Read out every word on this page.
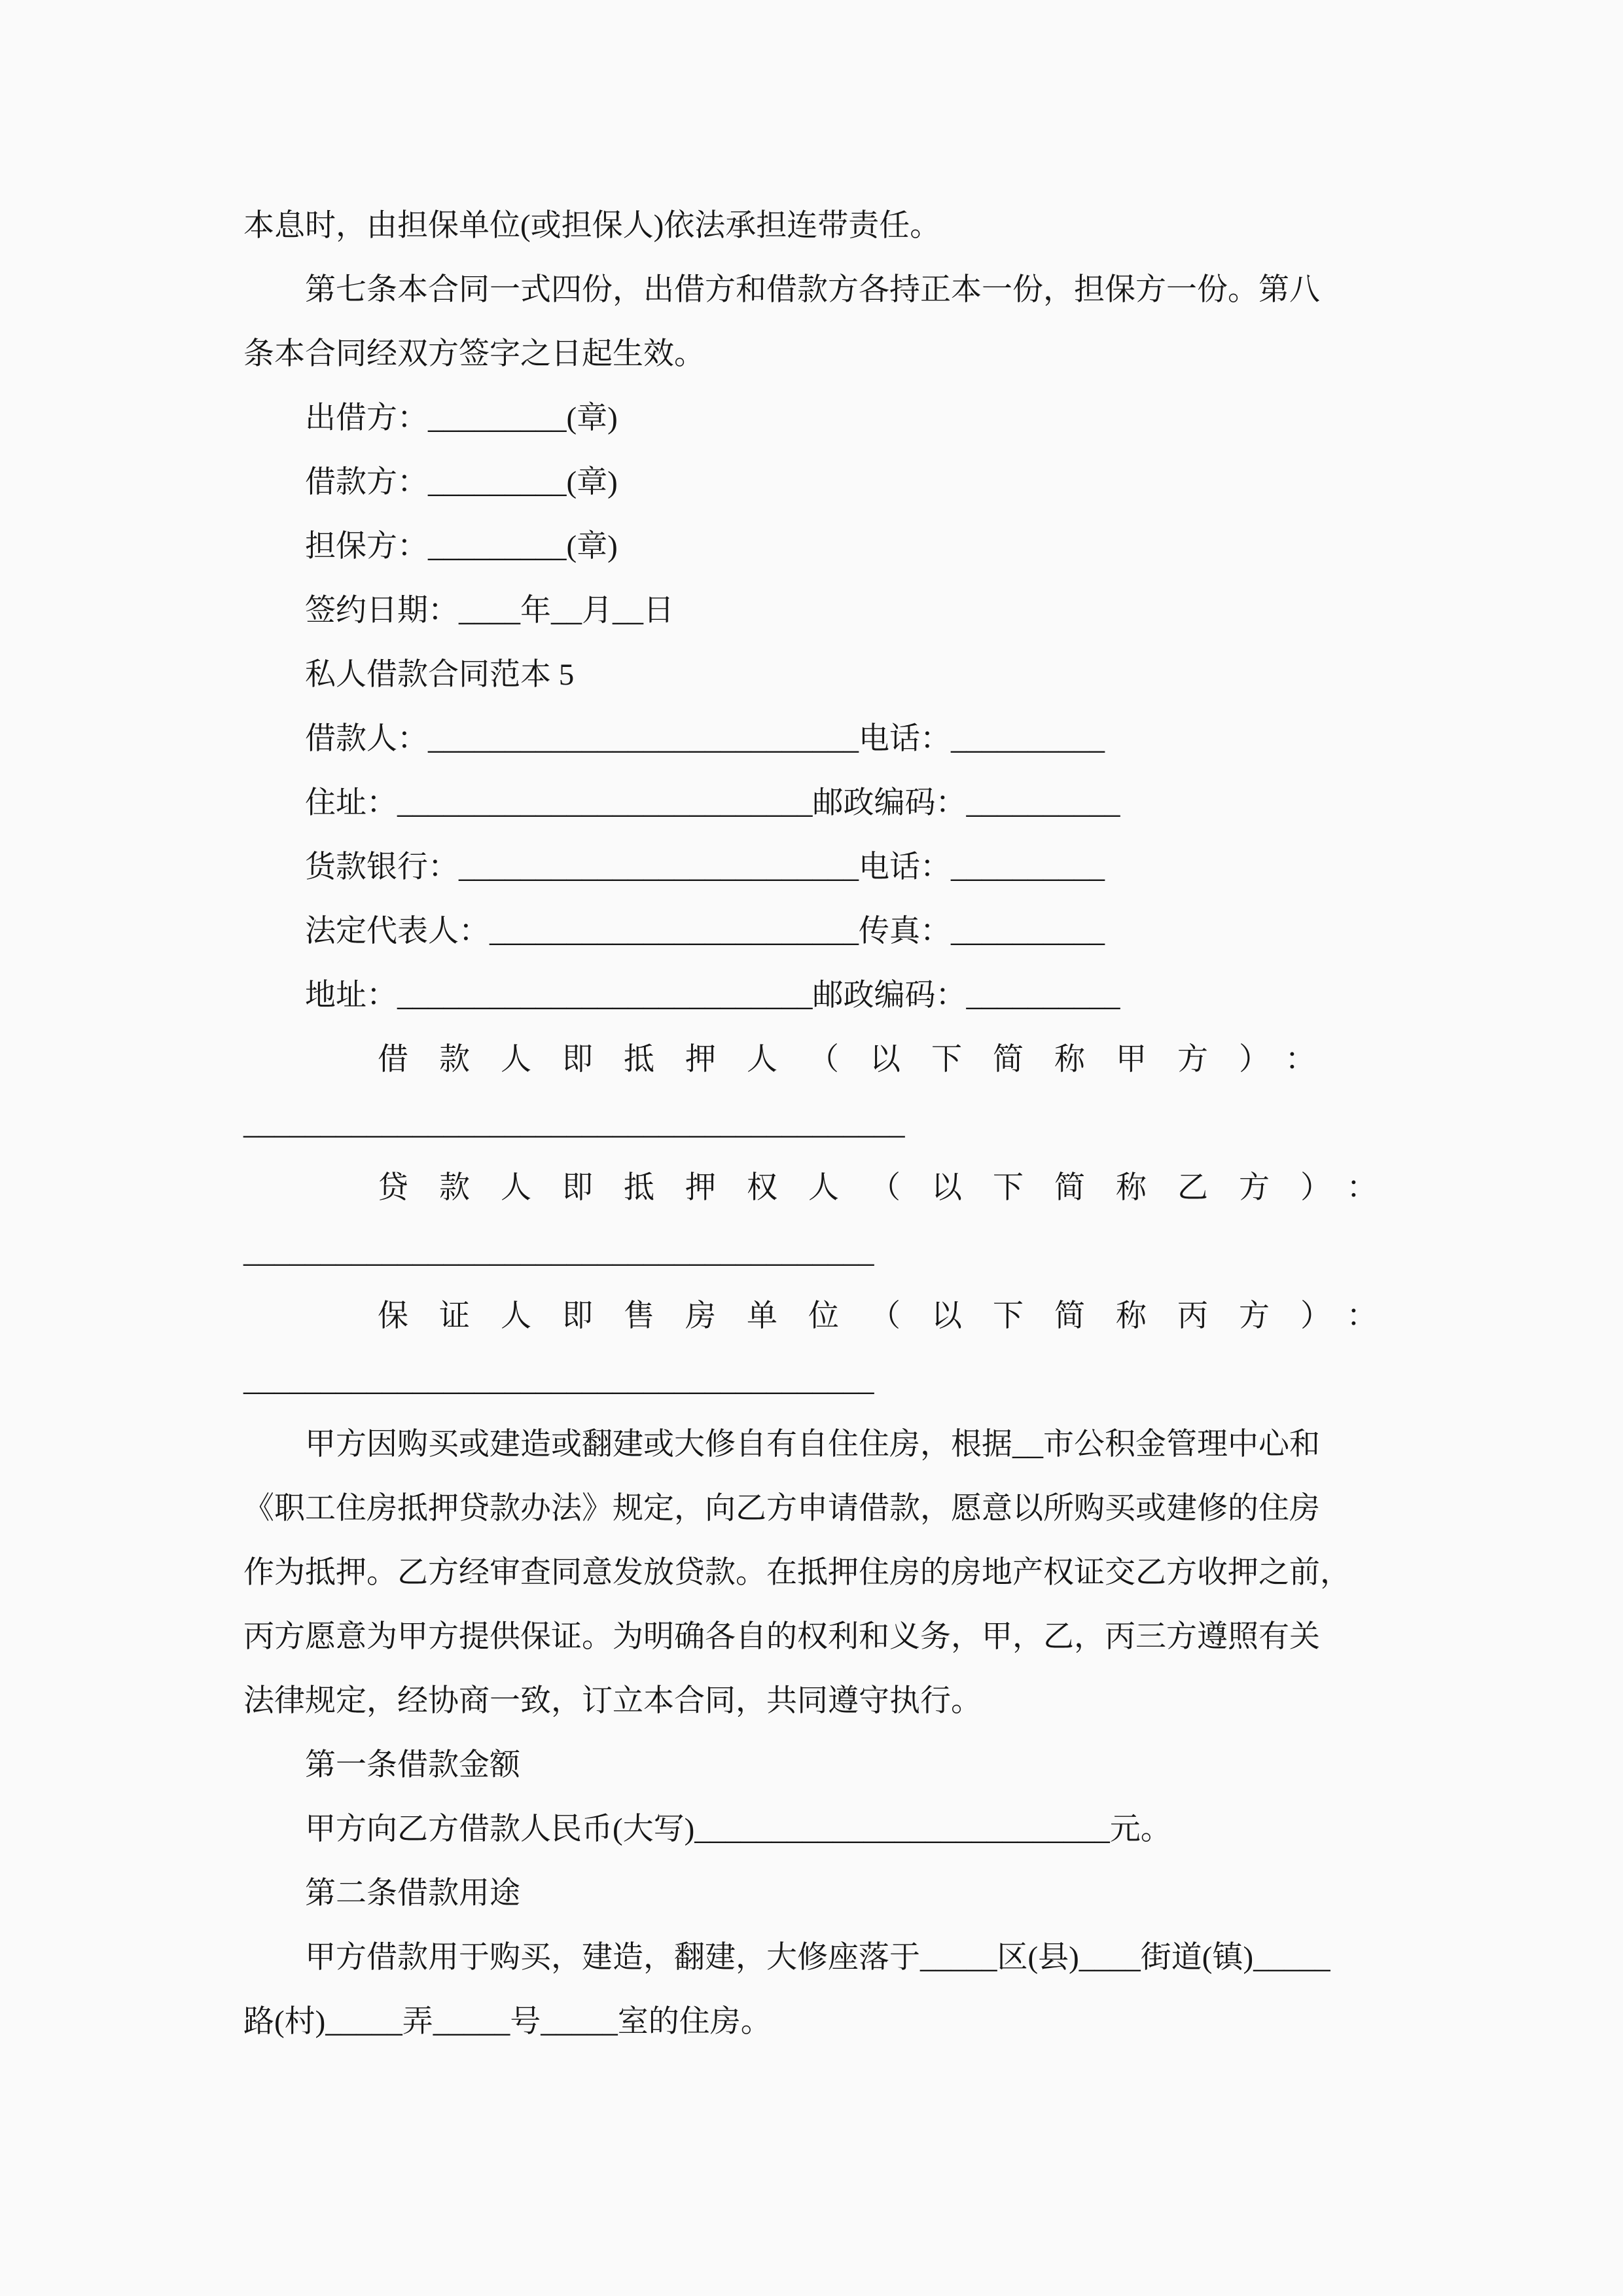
本息时，由担保单位(或担保人)依法承担连带责任。
第七条本合同一式四份，出借方和借款方各持正本一份，担保方一份。第八
条本合同经双方签字之日起生效。
出借方：_________(章)
借款方：_________(章)
担保方：_________(章)
签约日期：____年__月__日
私人借款合同范本 5
借款人：____________________________电话：__________
住址：___________________________邮政编码：__________
货款银行：__________________________电话：__________
法定代表人：________________________传真：__________
地址：___________________________邮政编码：__________
借款人即抵押人（以下简称甲方）：
___________________________________________
贷款人即抵押权人（以下简称乙方）：
_________________________________________
保证人即售房单位（以下简称丙方）：
_________________________________________
甲方因购买或建造或翻建或大修自有自住住房，根据__市公积金管理中心和
《职工住房抵押贷款办法》规定，向乙方申请借款，愿意以所购买或建修的住房
作为抵押。乙方经审查同意发放贷款。在抵押住房的房地产权证交乙方收押之前，
丙方愿意为甲方提供保证。为明确各自的权利和义务，甲，乙，丙三方遵照有关
法律规定，经协商一致，订立本合同，共同遵守执行。
第一条借款金额
甲方向乙方借款人民币(大写)___________________________元。
第二条借款用途
甲方借款用于购买，建造，翻建，大修座落于_____区(县)____街道(镇)_____
路(村)_____弄_____号_____室的住房。
